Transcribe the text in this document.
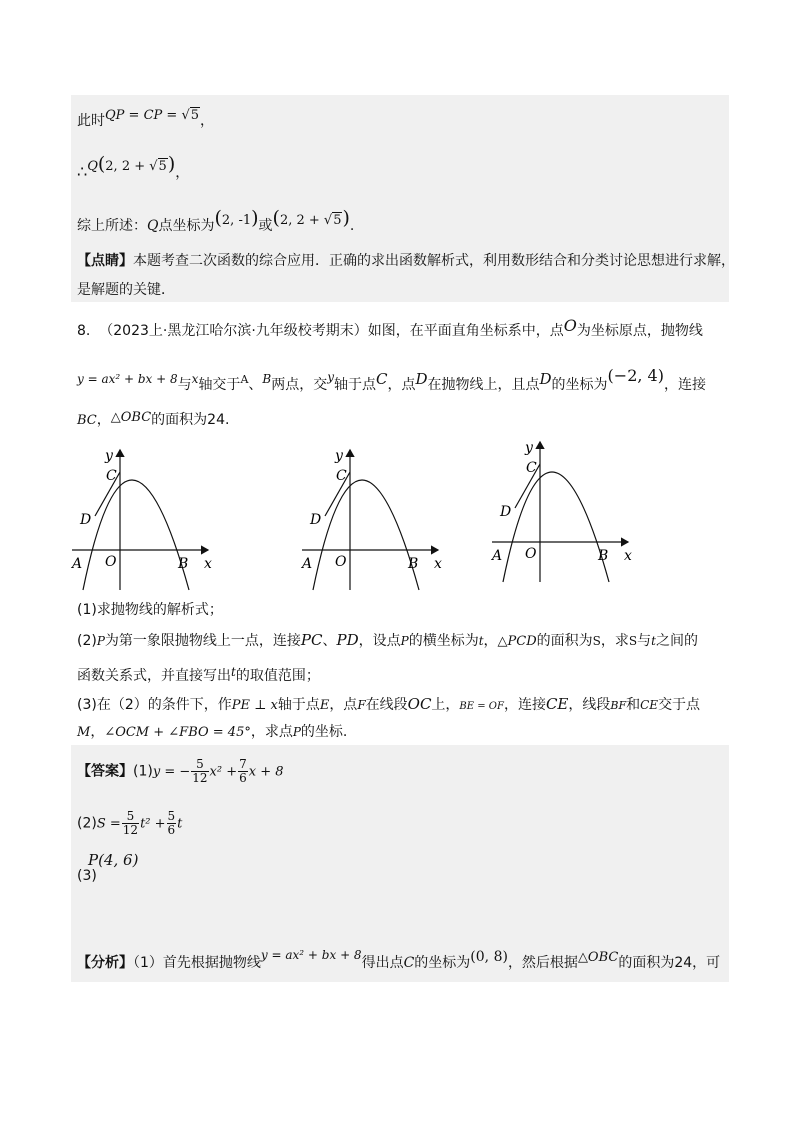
此时QP = CP = √5，
∴Q(2, 2 + √5)，
综上所述：Q点坐标为(2, -1)或(2, 2 + √5).
【点睛】本题考查二次函数的综合应用．正确的求出函数解析式，利用数形结合和分类讨论思想进行求解，
是解题的关键．
8. （2023上·黑龙江哈尔滨·九年级校考期末）如图，在平面直角坐标系中，点O为坐标原点，抛物线
y = ax² + bx + 8与x轴交于$^A$、B两点，交y轴于点C，点D在抛物线上，且点D的坐标为(−2, 4)，连接
BC，△OBC的面积为24.
y
C
D
A O	B x
y
C
D
A O	B x
y
C
D
A O	B x
(1)求抛物线的解析式；
(2)P为第一象限抛物线上一点，连接PC、PD，设点P的横坐标为t，△PCD的面积为S，求S与t之间的
函数关系式，并直接写出t的取值范围；
(3)在（2）的条件下，作PE ⊥ x轴于点E，点F在线段OC上，BE = OF，连接CE，线段BF和CE交于点
M，∠OCM + ∠FBO = 45°，求点P的坐标.
【答案】(1)y = − $\frac{5}{12} x^2 + \frac{7}{6}$ x + 8
$(2)S = \frac{5}{12} t^2 + \frac{5}{6}$ t
P(4, 6)
(3)
【分析】（1）首先根据抛物线y = ax² + bx + 8得出点C的坐标为(0, 8)，然后根据△OBC的面积为24，可
